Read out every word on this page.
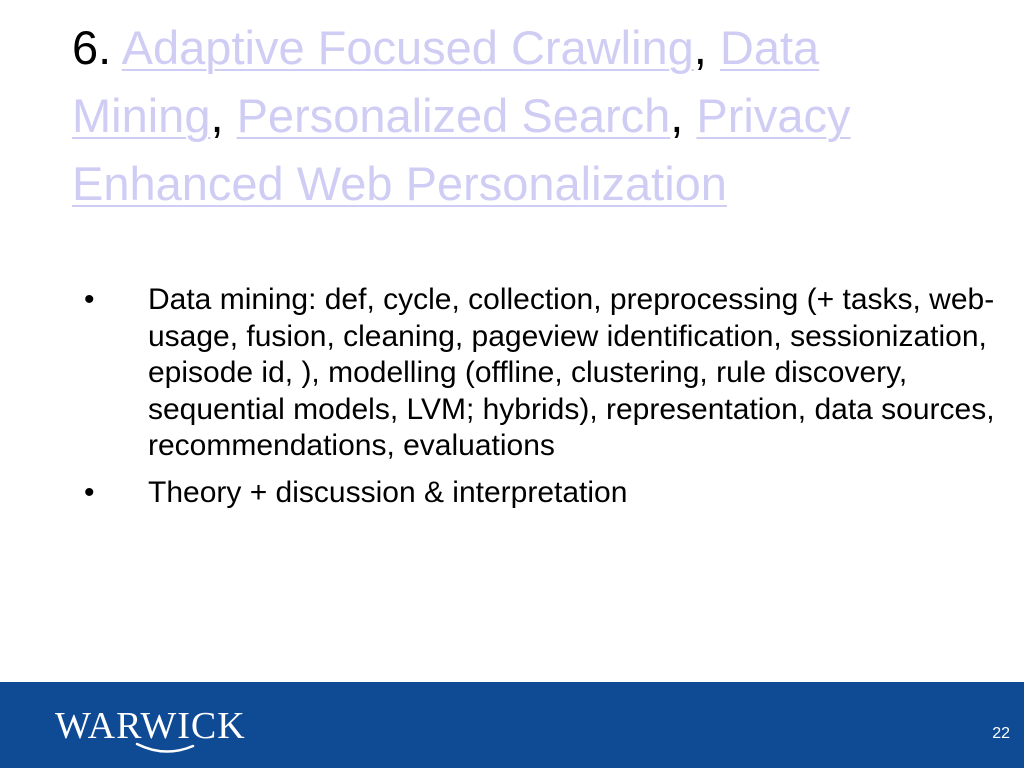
6. Adaptive Focused Crawling, Data Mining, Personalized Search, Privacy Enhanced Web Personalization
• Data mining: def, cycle, collection, preprocessing (+ tasks, web-usage, fusion, cleaning, pageview identification, sessionization, episode id, ), modelling (offline, clustering, rule discovery, sequential models, LVM; hybrids), representation, data sources, recommendations, evaluations
• Theory + discussion & interpretation
WARWICK	22
